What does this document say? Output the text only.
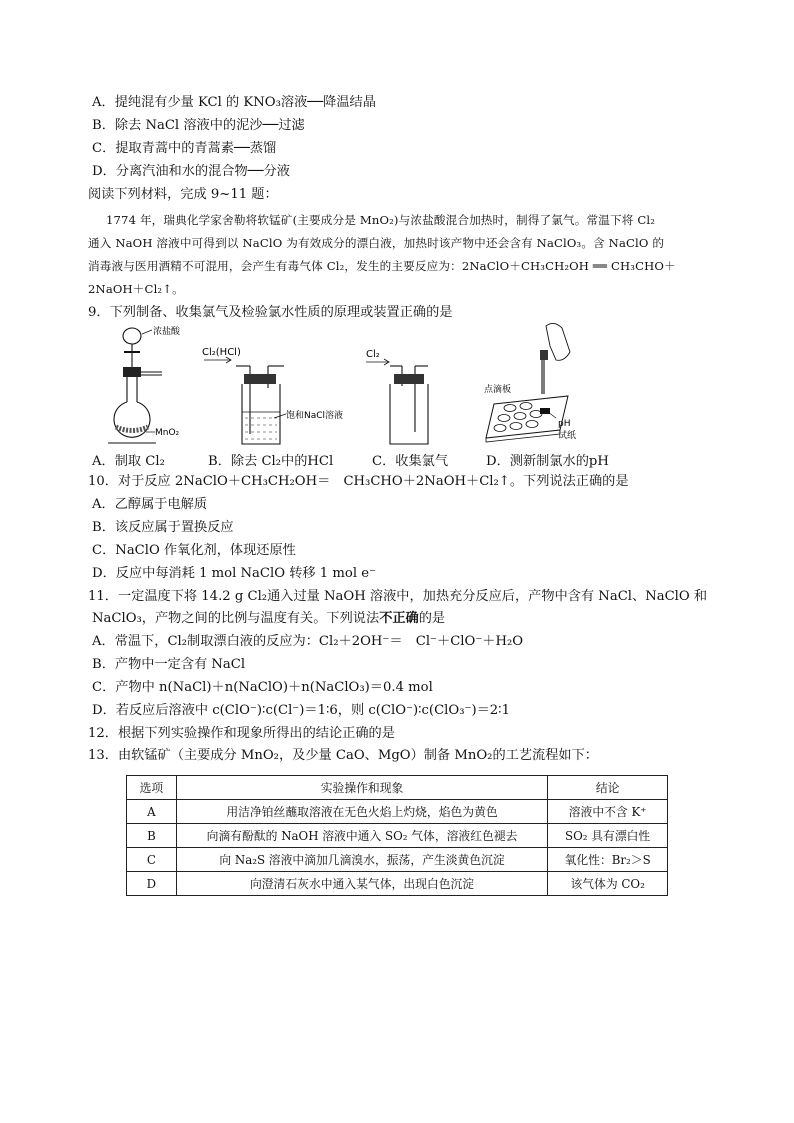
A．提纯混有少量 KCl 的 KNO₃溶液──降温结晶
B．除去 NaCl 溶液中的泥沙──过滤
C．提取青蒿中的青蒿素──蒸馏
D．分离汽油和水的混合物──分液
阅读下列材料，完成 9~11 题：
1774 年，瑞典化学家舍勒将软锰矿(主要成分是 MnO₂)与浓盐酸混合加热时，制得了氯气。常温下将 Cl₂
通入 NaOH 溶液中可得到以 NaClO 为有效成分的漂白液，加热时该产物中还会含有 NaClO₃。含 NaClO 的
消毒液与医用酒精不可混用，会产生有毒气体 Cl₂，发生的主要反应为：2NaClO＋CH₃CH₂OH ══ CH₃CHO＋
2NaOH＋Cl₂↑。
9．下列制备、收集氯气及检验氯水性质的原理或装置正确的是
浓盐酸
MnO₂
Cl₂(HCl)
饱和NaCl溶液
Cl₂
点滴板
pH
试纸
A．制取 Cl₂	B．除去 Cl₂中的HCl	C．收集氯气	D．测新制氯水的pH
10．对于反应 2NaClO＋CH₃CH₂OH＝　CH₃CHO＋2NaOH＋Cl₂↑。下列说法正确的是
A．乙醇属于电解质
B．该反应属于置换反应
C．NaClO 作氧化剂，体现还原性
D．反应中每消耗 1 mol NaClO 转移 1 mol e⁻
11．一定温度下将 14.2 g Cl₂通入过量 NaOH 溶液中，加热充分反应后，产物中含有 NaCl、NaClO 和
NaClO₃，产物之间的比例与温度有关。下列说法不正确的是
A．常温下，Cl₂制取漂白液的反应为：Cl₂＋2OH⁻＝　Cl⁻＋ClO⁻＋H₂O
B．产物中一定含有 NaCl
C．产物中 n(NaCl)＋n(NaClO)＋n(NaClO₃)＝0.4 mol
D．若反应后溶液中 c(ClO⁻)∶c(Cl⁻)＝1∶6，则 c(ClO⁻)∶c(ClO₃⁻)＝2∶1
12．根据下列实验操作和现象所得出的结论正确的是
13．由软锰矿（主要成分 MnO₂，及少量 CaO、MgO）制备 MnO₂的工艺流程如下：
选项	实验操作和现象	结论
A	用洁净铂丝蘸取溶液在无色火焰上灼烧，焰色为黄色	溶液中不含 K⁺
B	向滴有酚酞的 NaOH 溶液中通入 SO₂ 气体，溶液红色褪去	SO₂ 具有漂白性
C	向 Na₂S 溶液中滴加几滴溴水，振荡，产生淡黄色沉淀	氧化性：Br₂＞S
D	向澄清石灰水中通入某气体，出现白色沉淀	该气体为 CO₂
